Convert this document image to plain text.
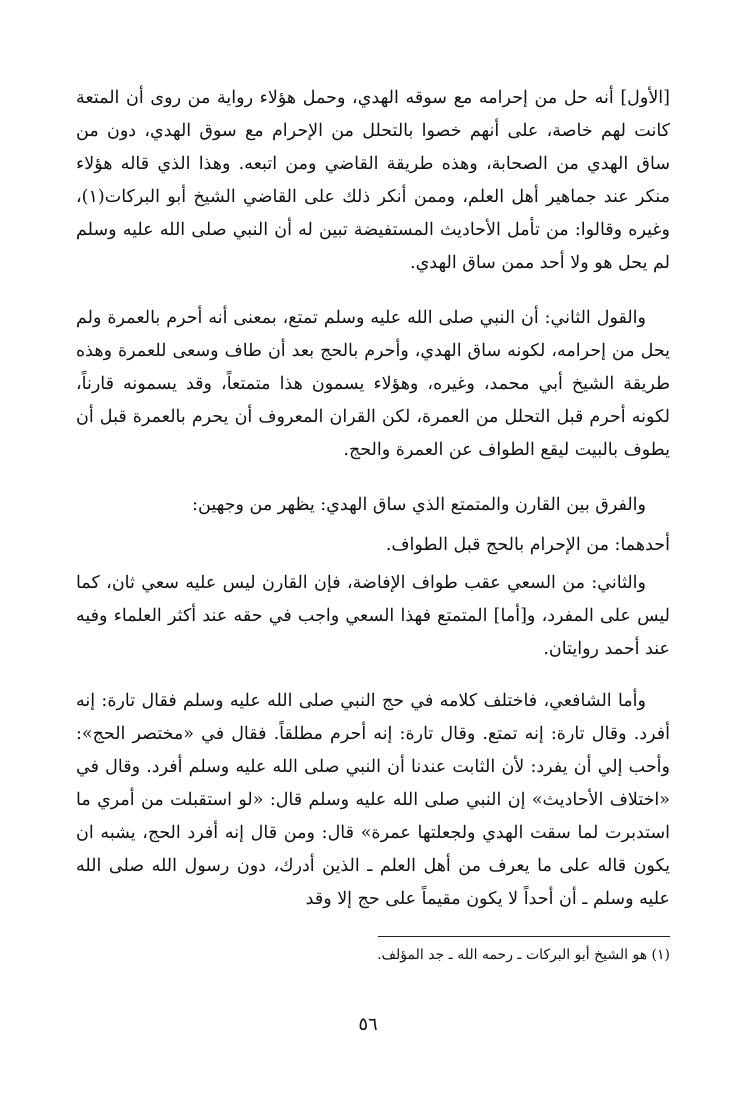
[الأول] أنه حل من إحرامه مع سوقه الهدي، وحمل هؤلاء رواية من روى أن المتعة كانت لهم خاصة، على أنهم خصوا بالتحلل من الإحرام مع سوق الهدي، دون من ساق الهدي من الصحابة، وهذه طريقة القاضي ومن اتبعه. وهذا الذي قاله هؤلاء منكر عند جماهير أهل العلم، وممن أنكر ذلك على القاضي الشيخ أبو البركات(١)، وغيره وقالوا: من تأمل الأحاديث المستفيضة تبين له أن النبي صلى الله عليه وسلم لم يحل هو ولا أحد ممن ساق الهدي.

والقول الثاني: أن النبي صلى الله عليه وسلم تمتع، بمعنى أنه أحرم بالعمرة ولم يحل من إحرامه، لكونه ساق الهدي، وأحرم بالحج بعد أن طاف وسعى للعمرة وهذه طريقة الشيخ أبي محمد، وغيره، وهؤلاء يسمون هذا متمتعاً، وقد يسمونه قارناً، لكونه أحرم قبل التحلل من العمرة، لكن القران المعروف أن يحرم بالعمرة قبل أن يطوف بالبيت ليقع الطواف عن العمرة والحج.

والفرق بين القارن والمتمتع الذي ساق الهدي: يظهر من وجهين:

أحدهما: من الإحرام بالحج قبل الطواف.

والثاني: من السعي عقب طواف الإفاضة، فإن القارن ليس عليه سعي ثان، كما ليس على المفرد، و[أما] المتمتع فهذا السعي واجب في حقه عند أكثر العلماء وفيه عند أحمد روايتان.

وأما الشافعي، فاختلف كلامه في حج النبي صلى الله عليه وسلم فقال تارة: إنه أفرد. وقال تارة: إنه تمتع. وقال تارة: إنه أحرم مطلقاً. فقال في «مختصر الحج»: وأحب إلي أن يفرد: لأن الثابت عندنا أن النبي صلى الله عليه وسلم أفرد. وقال في «اختلاف الأحاديث» إن النبي صلى الله عليه وسلم قال: «لو استقبلت من أمري ما استدبرت لما سقت الهدي ولجعلتها عمرة» قال: ومن قال إنه أفرد الحج، يشبه ان يكون قاله على ما يعرف من أهل العلم ـ الذين أدرك، دون رسول الله صلى الله عليه وسلم ـ أن أحداً لا يكون مقيماً على حج إلا وقد

(١) هو الشيخ أبو البركات ـ رحمه الله ـ جد المؤلف.
٥٦
